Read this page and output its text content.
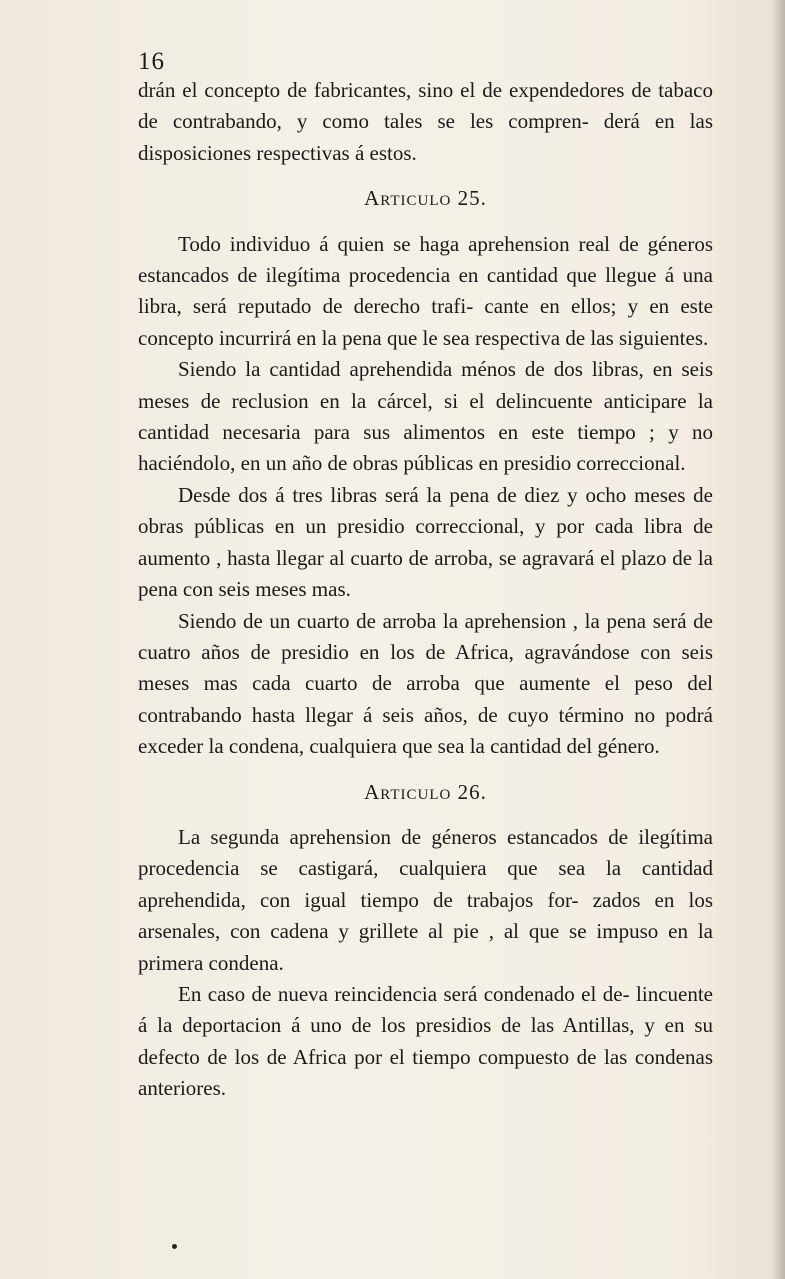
16

drán el concepto de fabricantes, sino el de expendedores de tabaco de contrabando, y como tales se les compren- derá en las disposiciones respectivas á estos.

Articulo 25.

Todo individuo á quien se haga aprehension real de géneros estancados de ilegítima procedencia en cantidad que llegue á una libra, será reputado de derecho trafi- cante en ellos; y en este concepto incurrirá en la pena que le sea respectiva de las siguientes.

Siendo la cantidad aprehendida ménos de dos libras, en seis meses de reclusion en la cárcel, si el delincuente anticipare la cantidad necesaria para sus alimentos en este tiempo ; y no haciéndolo, en un año de obras públicas en presidio correccional.

Desde dos á tres libras será la pena de diez y ocho meses de obras públicas en un presidio correccional, y por cada libra de aumento , hasta llegar al cuarto de arroba, se agravará el plazo de la pena con seis meses mas.

Siendo de un cuarto de arroba la aprehension , la pena será de cuatro años de presidio en los de Africa, agravándose con seis meses mas cada cuarto de arroba que aumente el peso del contrabando hasta llegar á seis años, de cuyo término no podrá exceder la condena, cualquiera que sea la cantidad del género.

Articulo 26.

La segunda aprehension de géneros estancados de ilegítima procedencia se castigará, cualquiera que sea la cantidad aprehendida, con igual tiempo de trabajos for- zados en los arsenales, con cadena y grillete al pie , al que se impuso en la primera condena.

En caso de nueva reincidencia será condenado el de- lincuente á la deportacion á uno de los presidios de las Antillas, y en su defecto de los de Africa por el tiempo compuesto de las condenas anteriores.
